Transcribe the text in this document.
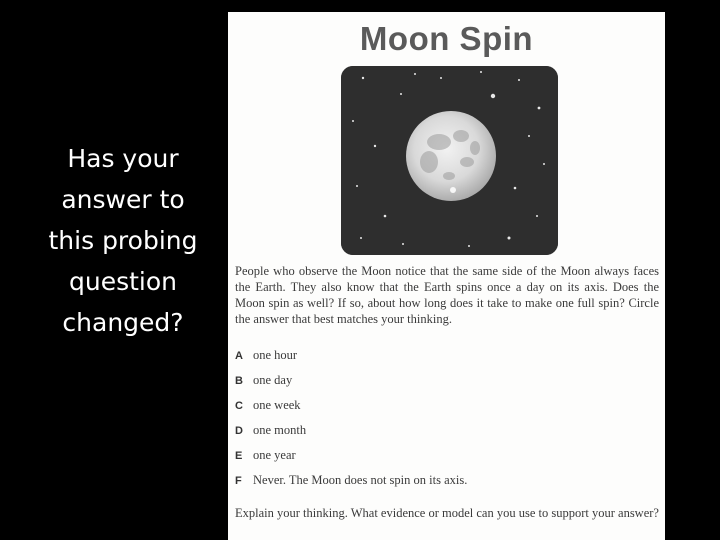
Has your
answer to
this probing
question
changed?
Moon Spin

People who observe the Moon notice that the same side of the Moon always faces the Earth. They also know that the Earth spins once a day on its axis. Does the Moon spin as well? If so, about how long does it take to make one full spin? Circle the answer that best matches your thinking.

A one hour
B one day
C one week
D one month
E one year
F Never. The Moon does not spin on its axis.

Explain your thinking. What evidence or model can you use to support your answer?
